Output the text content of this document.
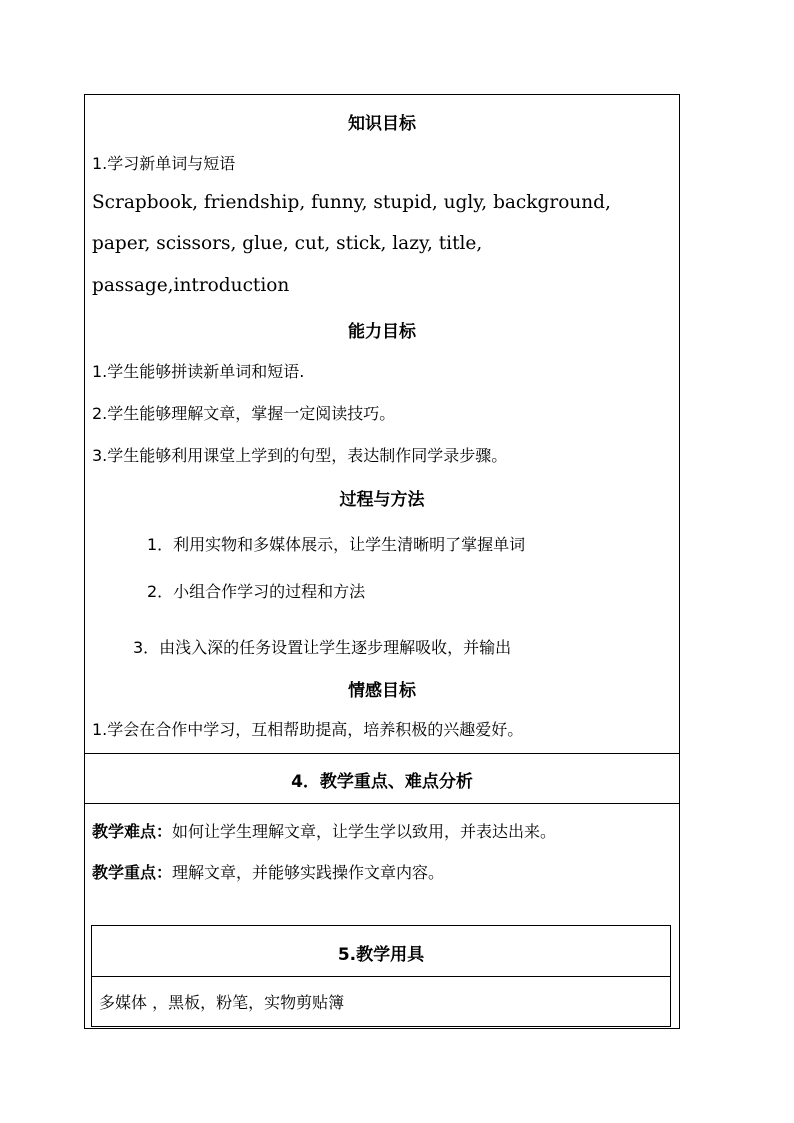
知识目标
1.学习新单词与短语
Scrapbook, friendship, funny, stupid, ugly, background,
paper, scissors, glue, cut, stick, lazy, title,
passage,introduction
能力目标
1.学生能够拼读新单词和短语.
2.学生能够理解文章，掌握一定阅读技巧。
3.学生能够利用课堂上学到的句型，表达制作同学录步骤。
过程与方法
1．利用实物和多媒体展示，让学生清晰明了掌握单词
2．小组合作学习的过程和方法
3．由浅入深的任务设置让学生逐步理解吸收，并输出
情感目标
1.学会在合作中学习，互相帮助提高，培养积极的兴趣爱好。
4．教学重点、难点分析
教学难点：如何让学生理解文章，让学生学以致用，并表达出来。
教学重点：理解文章，并能够实践操作文章内容。
5.教学用具
多媒体 ，黑板，粉笔，实物剪贴簿
